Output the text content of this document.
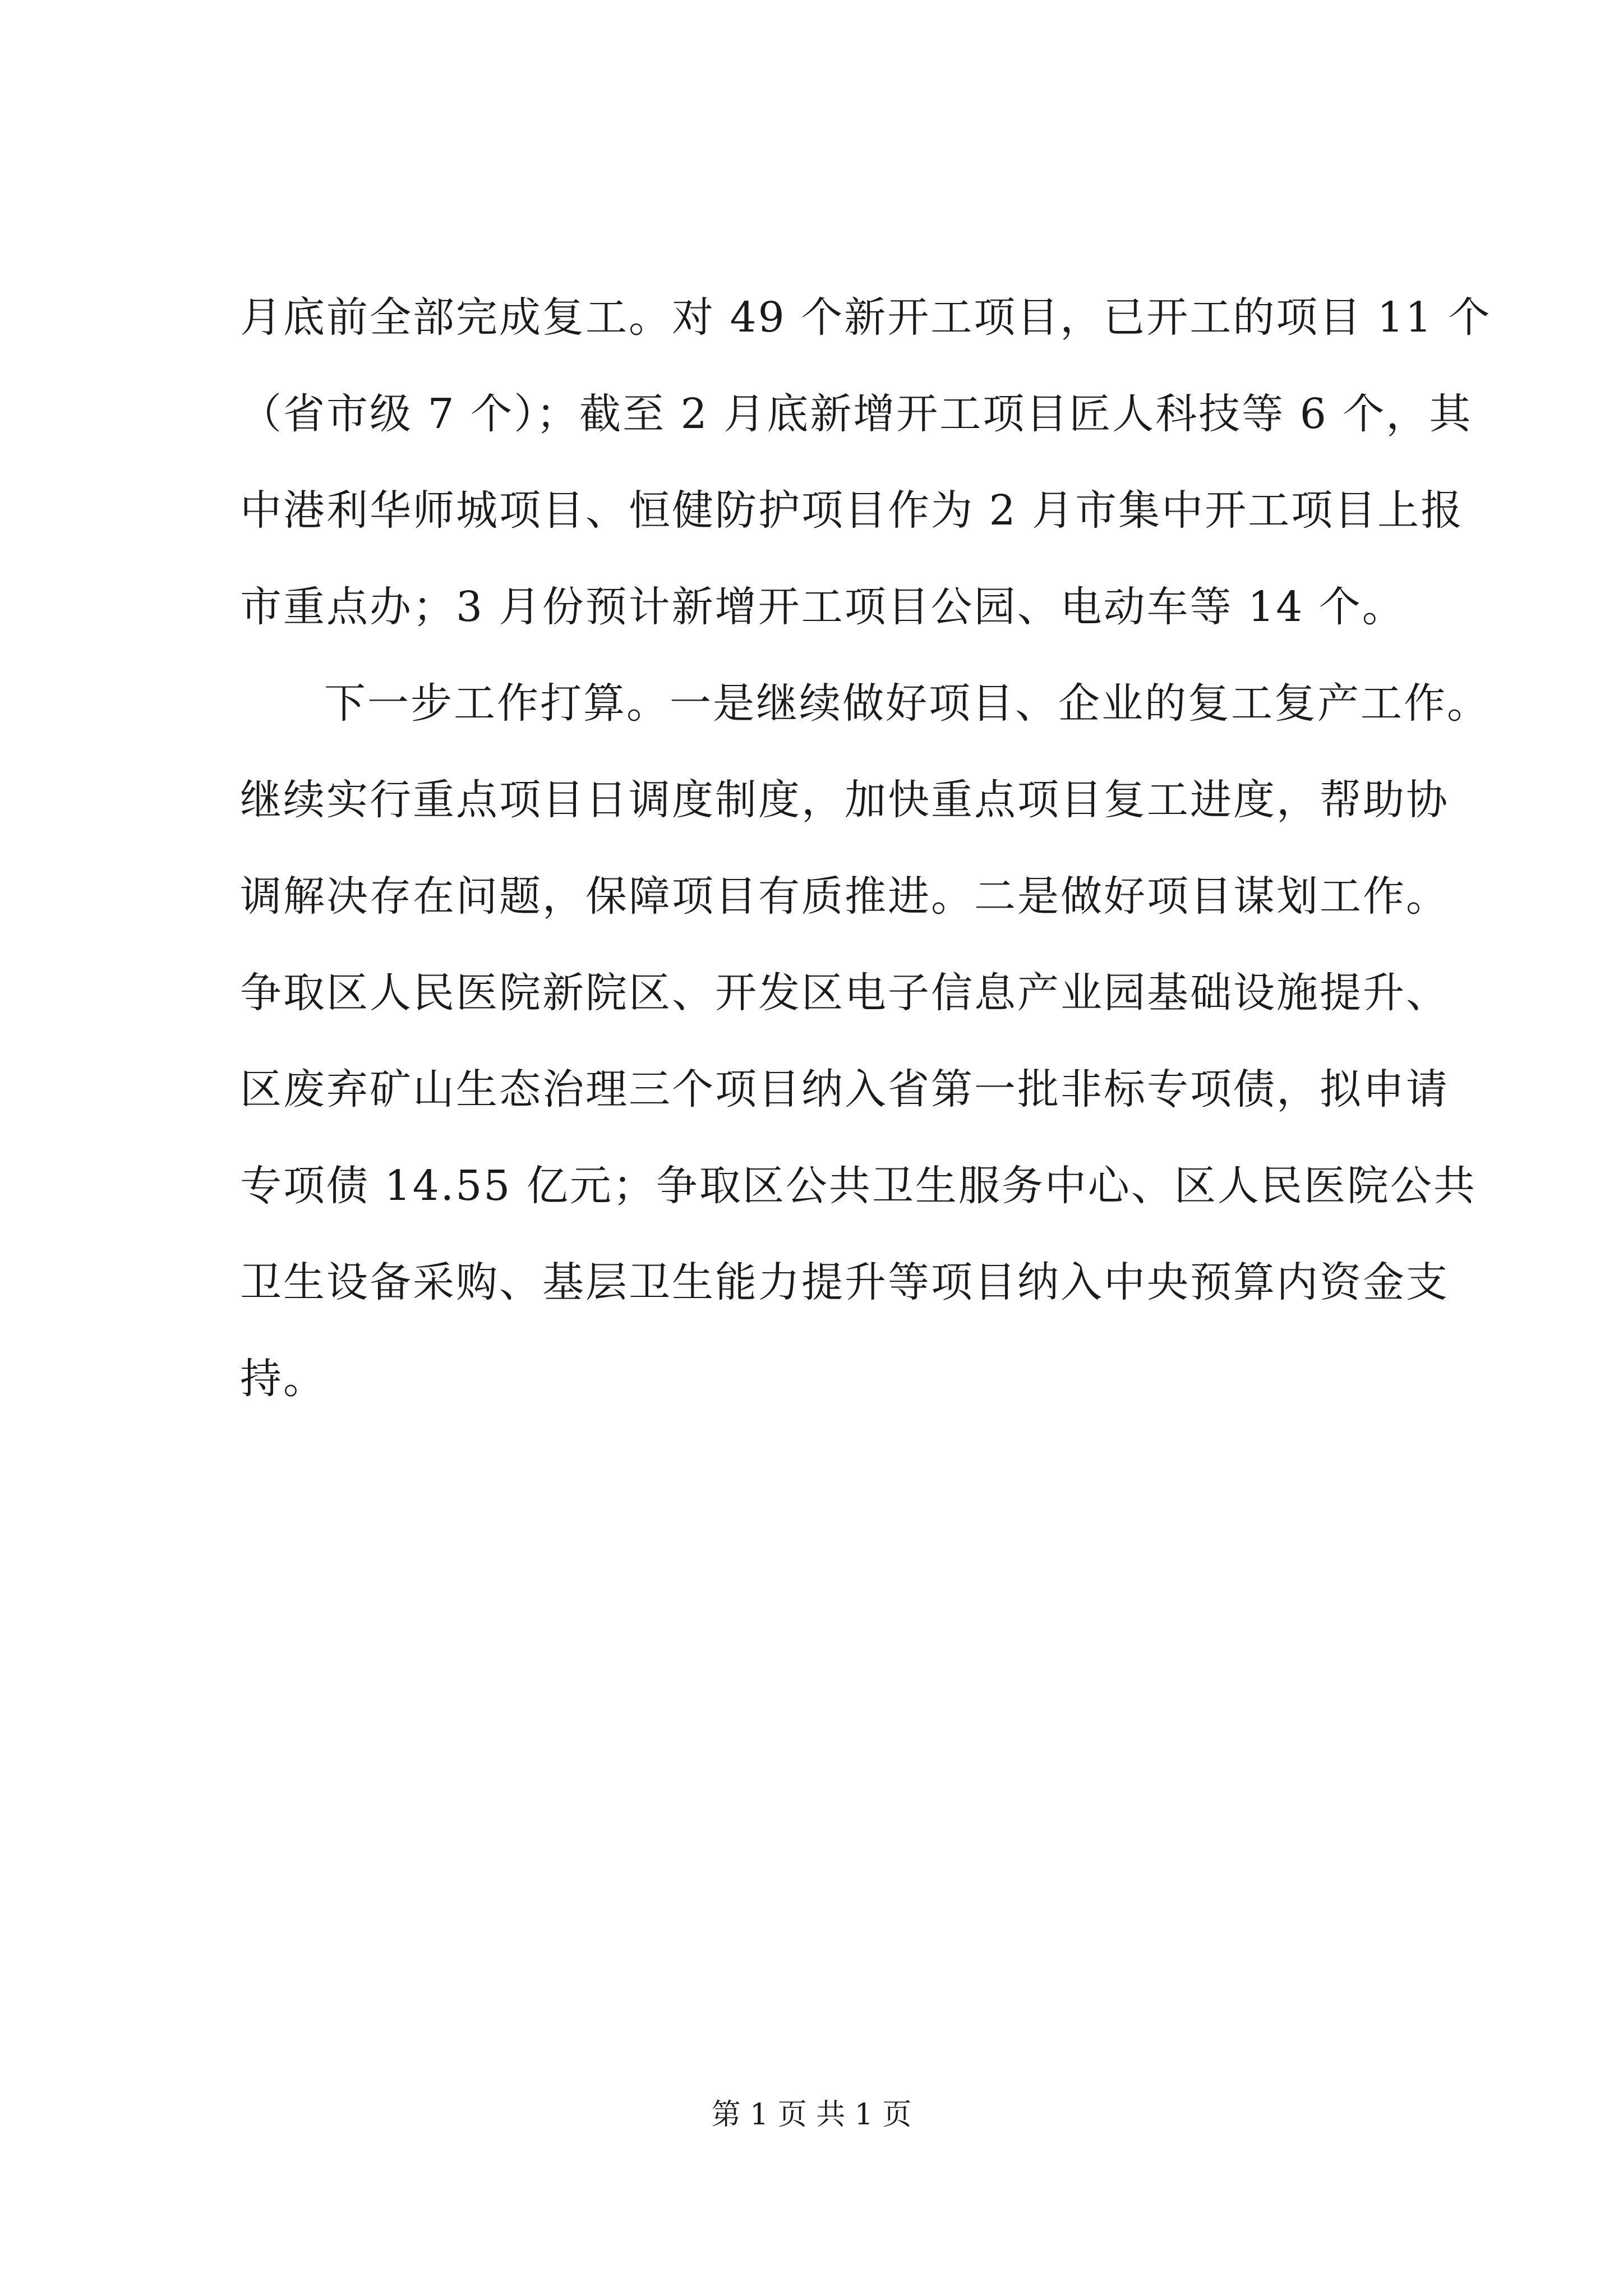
月底前全部完成复工。对 49 个新开工项目，已开工的项目 11 个
（省市级 7 个）；截至 2 月底新增开工项目匠人科技等 6 个，其
中港利华师城项目、恒健防护项目作为 2 月市集中开工项目上报
市重点办；3 月份预计新增开工项目公园、电动车等 14 个。
下一步工作打算。一是继续做好项目、企业的复工复产工作。
继续实行重点项目日调度制度，加快重点项目复工进度，帮助协
调解决存在问题，保障项目有质推进。二是做好项目谋划工作。
争取区人民医院新院区、开发区电子信息产业园基础设施提升、
区废弃矿山生态治理三个项目纳入省第一批非标专项债，拟申请
专项债 14.55 亿元；争取区公共卫生服务中心、区人民医院公共
卫生设备采购、基层卫生能力提升等项目纳入中央预算内资金支
持。
第 1 页 共 1 页
